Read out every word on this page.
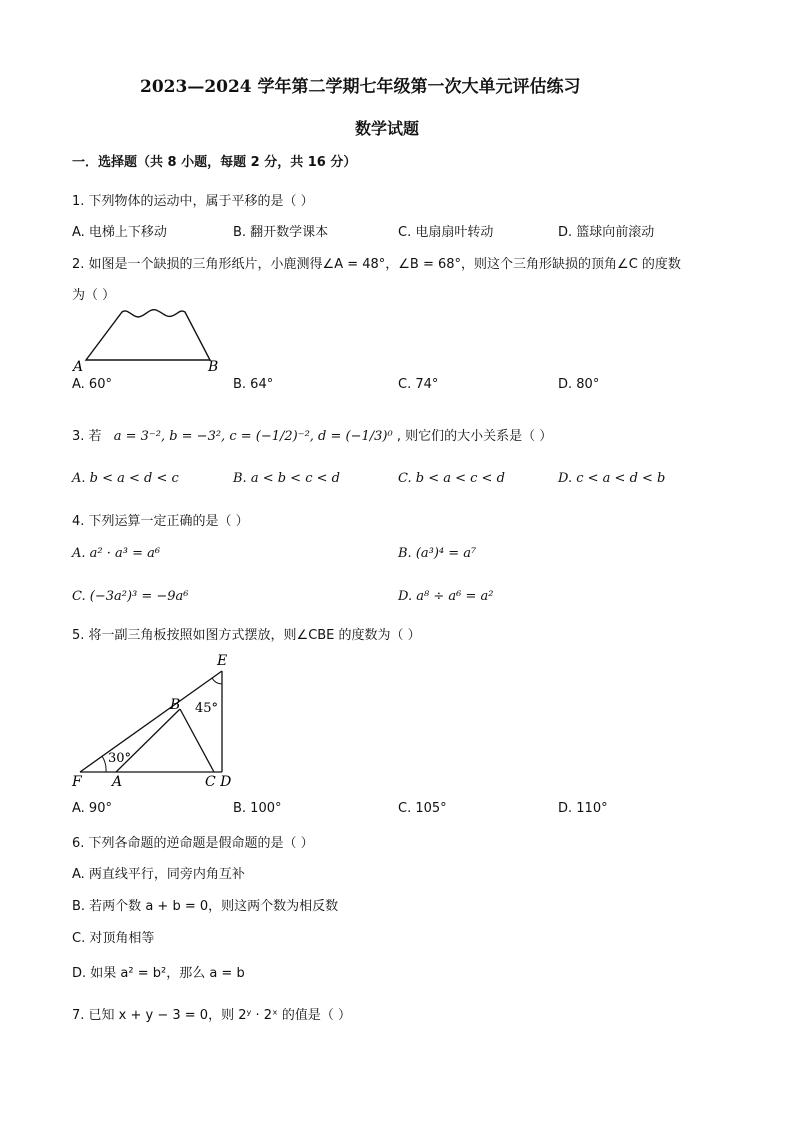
2023—2024 学年第二学期七年级第一次大单元评估练习
数学试题
一．选择题（共 8 小题，每题 2 分，共 16 分）
1. 下列物体的运动中，属于平移的是（ ）
A. 电梯上下移动	B. 翻开数学课本	C. 电扇扇叶转动	D. 篮球向前滚动
2. 如图是一个缺损的三角形纸片，小鹿测得∠A = 48°，∠B = 68°，则这个三角形缺损的顶角∠C 的度数
为（ ）
A	B
A. 60°	B. 64°	C. 74°	D. 80°
3. 若 a = 3⁻², b = −3², c = (−1/2)⁻², d = (−1/3)⁰ , 则它们的大小关系是（ ）
A. b < a < d < c	B. a < b < c < d	C. b < a < c < d	D. c < a < d < b
4. 下列运算一定正确的是（ ）
A. a² · a³ = a⁶	B. (a³)⁴ = a⁷
C. (−3a²)³ = −9a⁶	D. a⁸ ÷ a⁶ = a²
5. 将一副三角板按照如图方式摆放，则∠CBE 的度数为（ ）
E
B 45°
30°
F A	C D
A. 90°	B. 100°	C. 105°	D. 110°
6. 下列各命题的逆命题是假命题的是（ ）
A. 两直线平行，同旁内角互补
B. 若两个数 a + b = 0，则这两个数为相反数
C. 对顶角相等
D. 如果 a² = b²，那么 a = b
7. 已知 x + y − 3 = 0，则 2ʸ · 2ˣ 的值是（ ）
